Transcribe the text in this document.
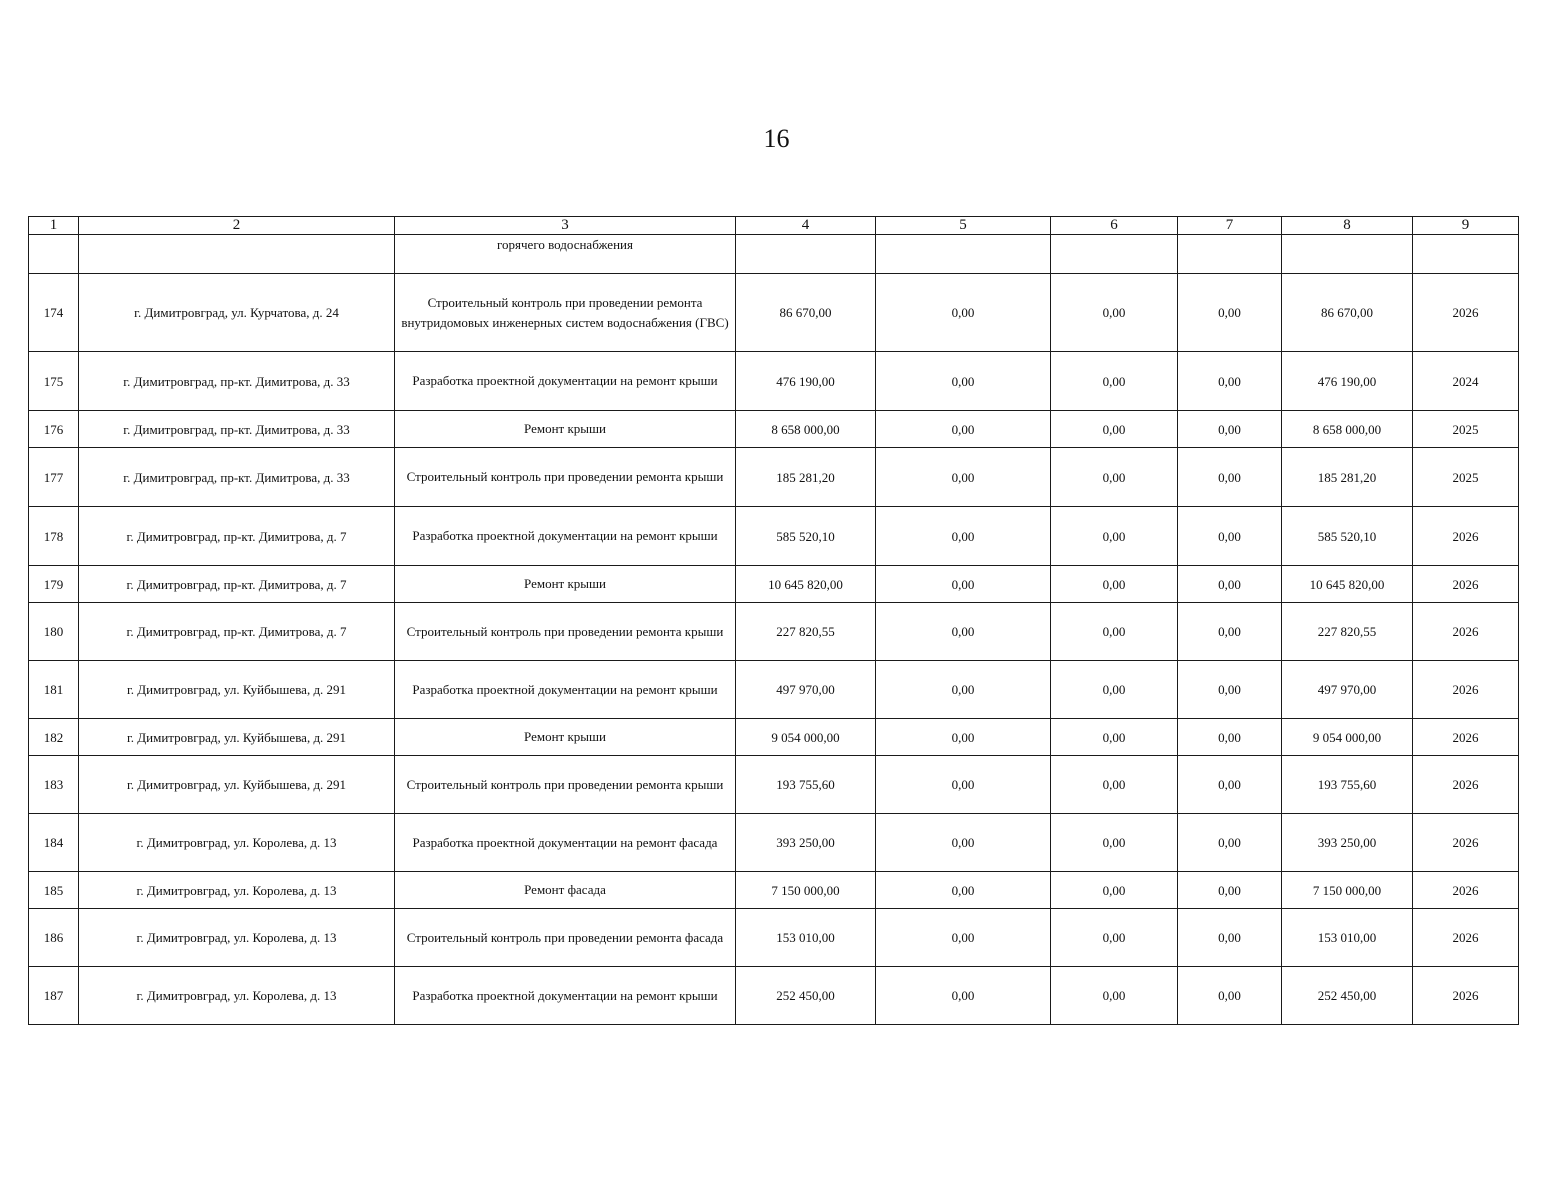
16
1	2	3	4	5	6	7	8	9
		горячего водоснабжения						
174	г. Димитровград, ул. Курчатова, д. 24	Строительный контроль при проведении ремонта внутридомовых инженерных систем водоснабжения (ГВС)	86 670,00	0,00	0,00	0,00	86 670,00	2026
175	г. Димитровград, пр-кт. Димитрова, д. 33	Разработка проектной документации на ремонт крыши	476 190,00	0,00	0,00	0,00	476 190,00	2024
176	г. Димитровград, пр-кт. Димитрова, д. 33	Ремонт крыши	8 658 000,00	0,00	0,00	0,00	8 658 000,00	2025
177	г. Димитровград, пр-кт. Димитрова, д. 33	Строительный контроль при проведении ремонта крыши	185 281,20	0,00	0,00	0,00	185 281,20	2025
178	г. Димитровград, пр-кт. Димитрова, д. 7	Разработка проектной документации на ремонт крыши	585 520,10	0,00	0,00	0,00	585 520,10	2026
179	г. Димитровград, пр-кт. Димитрова, д. 7	Ремонт крыши	10 645 820,00	0,00	0,00	0,00	10 645 820,00	2026
180	г. Димитровград, пр-кт. Димитрова, д. 7	Строительный контроль при проведении ремонта крыши	227 820,55	0,00	0,00	0,00	227 820,55	2026
181	г. Димитровград, ул. Куйбышева, д. 291	Разработка проектной документации на ремонт крыши	497 970,00	0,00	0,00	0,00	497 970,00	2026
182	г. Димитровград, ул. Куйбышева, д. 291	Ремонт крыши	9 054 000,00	0,00	0,00	0,00	9 054 000,00	2026
183	г. Димитровград, ул. Куйбышева, д. 291	Строительный контроль при проведении ремонта крыши	193 755,60	0,00	0,00	0,00	193 755,60	2026
184	г. Димитровград, ул. Королева, д. 13	Разработка проектной документации на ремонт фасада	393 250,00	0,00	0,00	0,00	393 250,00	2026
185	г. Димитровград, ул. Королева, д. 13	Ремонт фасада	7 150 000,00	0,00	0,00	0,00	7 150 000,00	2026
186	г. Димитровград, ул. Королева, д. 13	Строительный контроль при проведении ремонта фасада	153 010,00	0,00	0,00	0,00	153 010,00	2026
187	г. Димитровград, ул. Королева, д. 13	Разработка проектной документации на ремонт крыши	252 450,00	0,00	0,00	0,00	252 450,00	2026
